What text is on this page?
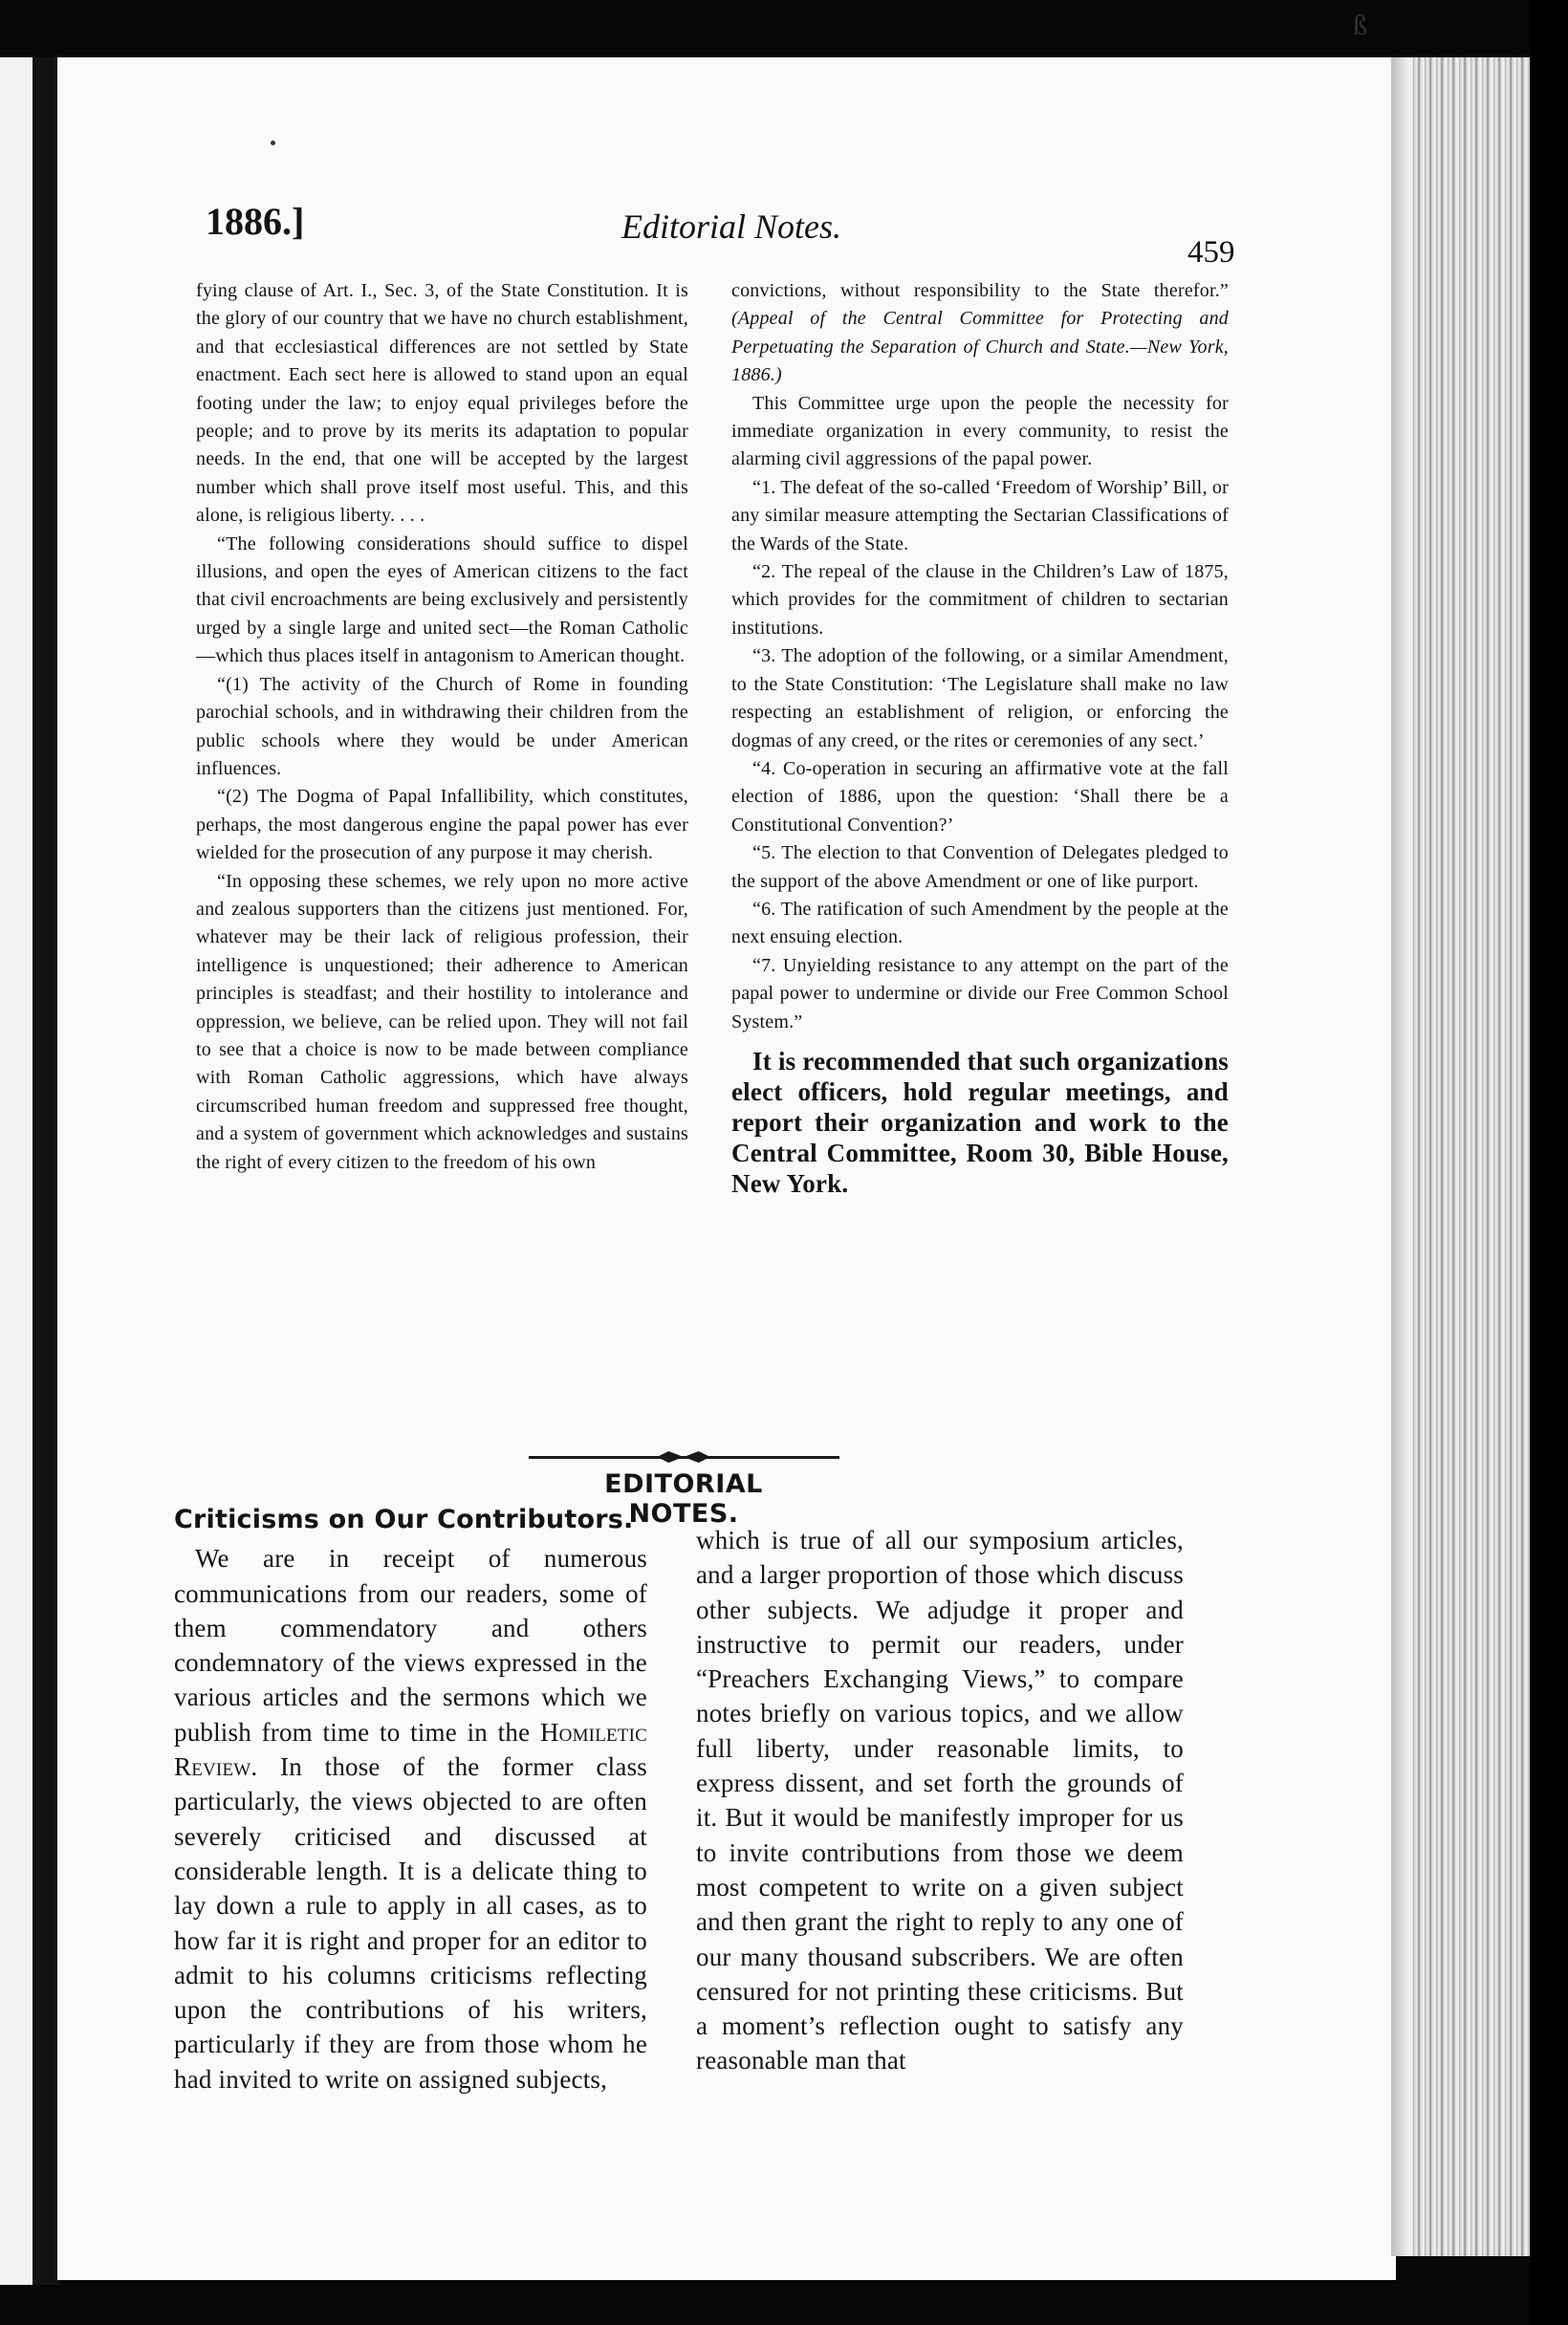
ß
1886.]	Editorial Notes.
459

fying clause of Art. I., Sec. 3, of the State Constitution. It is the glory of our country that we have no church establishment, and that ecclesiastical differences are not settled by State enactment. Each sect here is allowed to stand upon an equal footing under the law; to enjoy equal privileges before the people; and to prove by its merits its adaptation to popular needs. In the end, that one will be accepted by the largest number which shall prove itself most useful. This, and this alone, is religious liberty. . . .

“The following considerations should suffice to dispel illusions, and open the eyes of American citizens to the fact that civil encroachments are being exclusively and persistently urged by a single large and united sect—the Roman Catholic—which thus places itself in antagonism to American thought.

“(1) The activity of the Church of Rome in founding parochial schools, and in withdrawing their children from the public schools where they would be under American influences.

“(2) The Dogma of Papal Infallibility, which constitutes, perhaps, the most dangerous engine the papal power has ever wielded for the prosecution of any purpose it may cherish.

“In opposing these schemes, we rely upon no more active and zealous supporters than the citizens just mentioned. For, whatever may be their lack of religious profession, their intelligence is unquestioned; their adherence to American principles is steadfast; and their hostility to intolerance and oppression, we believe, can be relied upon. They will not fail to see that a choice is now to be made between compliance with Roman Catholic aggressions, which have always circumscribed human freedom and suppressed free thought, and a system of government which acknowledges and sustains the right of every citizen to the freedom of his own

convictions, without responsibility to the State therefor.” (Appeal of the Central Committee for Protecting and Perpetuating the Separation of Church and State.—New York, 1886.)

This Committee urge upon the people the necessity for immediate organization in every community, to resist the alarming civil aggressions of the papal power.

“1. The defeat of the so-called ‘Freedom of Worship’ Bill, or any similar measure attempting the Sectarian Classifications of the Wards of the State.

“2. The repeal of the clause in the Children’s Law of 1875, which provides for the commitment of children to sectarian institutions.

“3. The adoption of the following, or a similar Amendment, to the State Constitution: ‘The Legislature shall make no law respecting an establishment of religion, or enforcing the dogmas of any creed, or the rites or ceremonies of any sect.’

“4. Co-operation in securing an affirmative vote at the fall election of 1886, upon the question: ‘Shall there be a Constitutional Convention?’

“5. The election to that Convention of Delegates pledged to the support of the above Amendment or one of like purport.

“6. The ratification of such Amendment by the people at the next ensuing election.

“7. Unyielding resistance to any attempt on the part of the papal power to undermine or divide our Free Common School System.”

It is recommended that such organizations elect officers, hold regular meetings, and report their organization and work to the Central Committee, Room 30, Bible House, New York.

EDITORIAL NOTES.
Criticisms on Our Contributors.

We are in receipt of numerous communications from our readers, some of them commendatory and others condemnatory of the views expressed in the various articles and the sermons which we publish from time to time in the Homiletic Review. In those of the former class particularly, the views objected to are often severely criticised and discussed at considerable length. It is a delicate thing to lay down a rule to apply in all cases, as to how far it is right and proper for an editor to admit to his columns criticisms reflecting upon the contributions of his writers, particularly if they are from those whom he had invited to write on assigned subjects,

which is true of all our symposium articles, and a larger proportion of those which discuss other subjects. We adjudge it proper and instructive to permit our readers, under “Preachers Exchanging Views,” to compare notes briefly on various topics, and we allow full liberty, under reasonable limits, to express dissent, and set forth the grounds of it. But it would be manifestly improper for us to invite contributions from those we deem most competent to write on a given subject and then grant the right to reply to any one of our many thousand subscribers. We are often censured for not printing these criticisms. But a moment’s reflection ought to satisfy any reasonable man that
